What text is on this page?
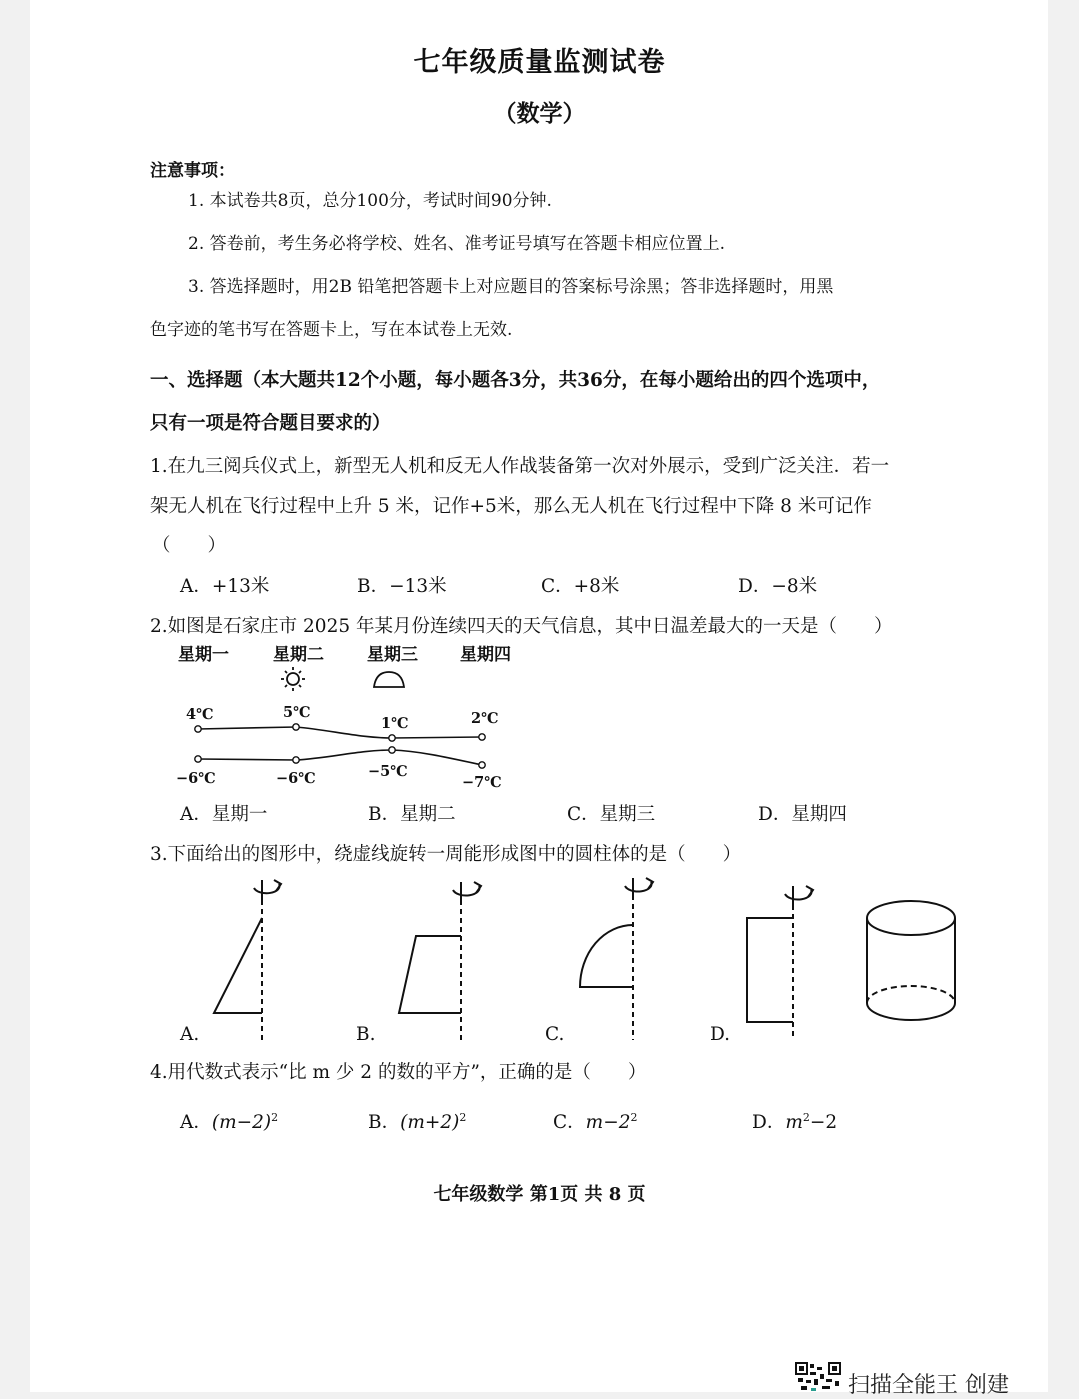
七年级质量监测试卷
（数学）
注意事项：
1. 本试卷共8页，总分100分，考试时间90分钟.
2. 答卷前，考生务必将学校、姓名、准考证号填写在答题卡相应位置上.
3. 答选择题时，用2B 铅笔把答题卡上对应题目的答案标号涂黑；答非选择题时，用黑
色字迹的笔书写在答题卡上，写在本试卷上无效.
一、选择题（本大题共12个小题，每小题各3分，共36分，在每小题给出的四个选项中，
只有一项是符合题目要求的）
1.在九三阅兵仪式上，新型无人机和反无人作战装备第一次对外展示，受到广泛关注．若一
架无人机在飞行过程中上升 5 米，记作+5米，那么无人机在飞行过程中下降 8 米可记作
（　　）
A．+13米	B．−13米	C．+8米	D．−8米
2.如图是石家庄市 2025 年某月份连续四天的天气信息，其中日温差最大的一天是（　　）
星期一	星期二	星期三 星期四
4℃	5℃
1℃	2℃
−6℃	−6℃	−5℃
−7℃
A．星期一	B．星期二	C．星期三	D．星期四
3.下面给出的图形中，绕虚线旋转一周能形成图中的圆柱体的是（　　）
A.	B.	C.	D.
4.用代数式表示“比 m 少 2 的数的平方”，正确的是（　　）
A．$(m-2)^2$	B．$(m+2)^2$	C．$m-2^2$	D．$m^2-2$
七年级数学 第1页 共 8 页
扫描全能王 创建
